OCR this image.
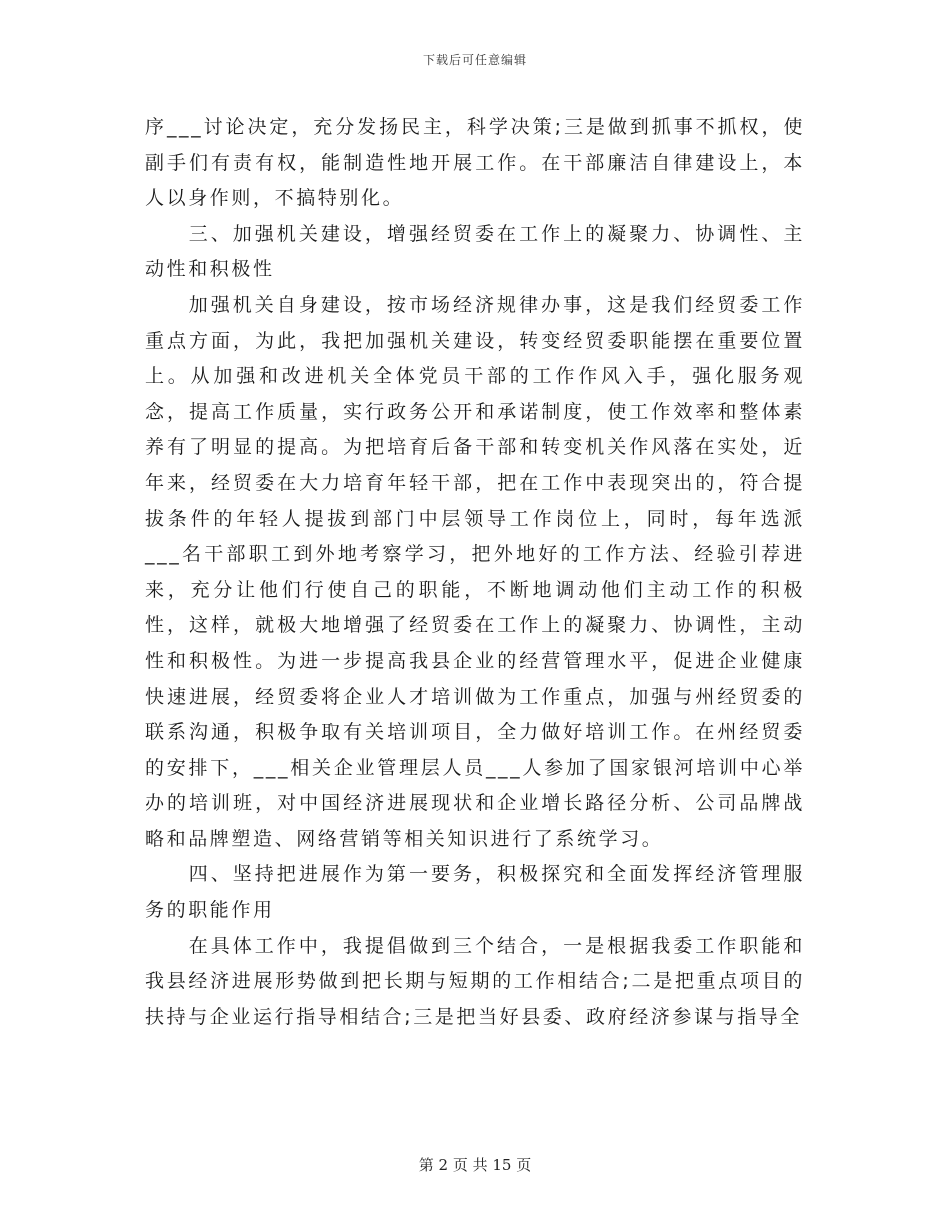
下载后可任意编辑

序___讨论决定，充分发扬民主，科学决策;三是做到抓事不抓权，使副手们有责有权，能制造性地开展工作。在干部廉洁自律建设上，本人以身作则，不搞特别化。

三、加强机关建设，增强经贸委在工作上的凝聚力、协调性、主动性和积极性

加强机关自身建设，按市场经济规律办事，这是我们经贸委工作重点方面，为此，我把加强机关建设，转变经贸委职能摆在重要位置上。从加强和改进机关全体党员干部的工作作风入手，强化服务观念，提高工作质量，实行政务公开和承诺制度，使工作效率和整体素养有了明显的提高。为把培育后备干部和转变机关作风落在实处，近年来，经贸委在大力培育年轻干部，把在工作中表现突出的，符合提拔条件的年轻人提拔到部门中层领导工作岗位上，同时，每年选派___名干部职工到外地考察学习，把外地好的工作方法、经验引荐进来，充分让他们行使自己的职能，不断地调动他们主动工作的积极性，这样，就极大地增强了经贸委在工作上的凝聚力、协调性，主动性和积极性。为进一步提高我县企业的经营管理水平，促进企业健康快速进展，经贸委将企业人才培训做为工作重点，加强与州经贸委的联系沟通，积极争取有关培训项目，全力做好培训工作。在州经贸委的安排下，___相关企业管理层人员___人参加了国家银河培训中心举办的培训班，对中国经济进展现状和企业增长路径分析、公司品牌战略和品牌塑造、网络营销等相关知识进行了系统学习。

四、坚持把进展作为第一要务，积极探究和全面发挥经济管理服务的职能作用

在具体工作中，我提倡做到三个结合，一是根据我委工作职能和我县经济进展形势做到把长期与短期的工作相结合;二是把重点项目的扶持与企业运行指导相结合;三是把当好县委、政府经济参谋与指导全

第 2 页 共 15 页
